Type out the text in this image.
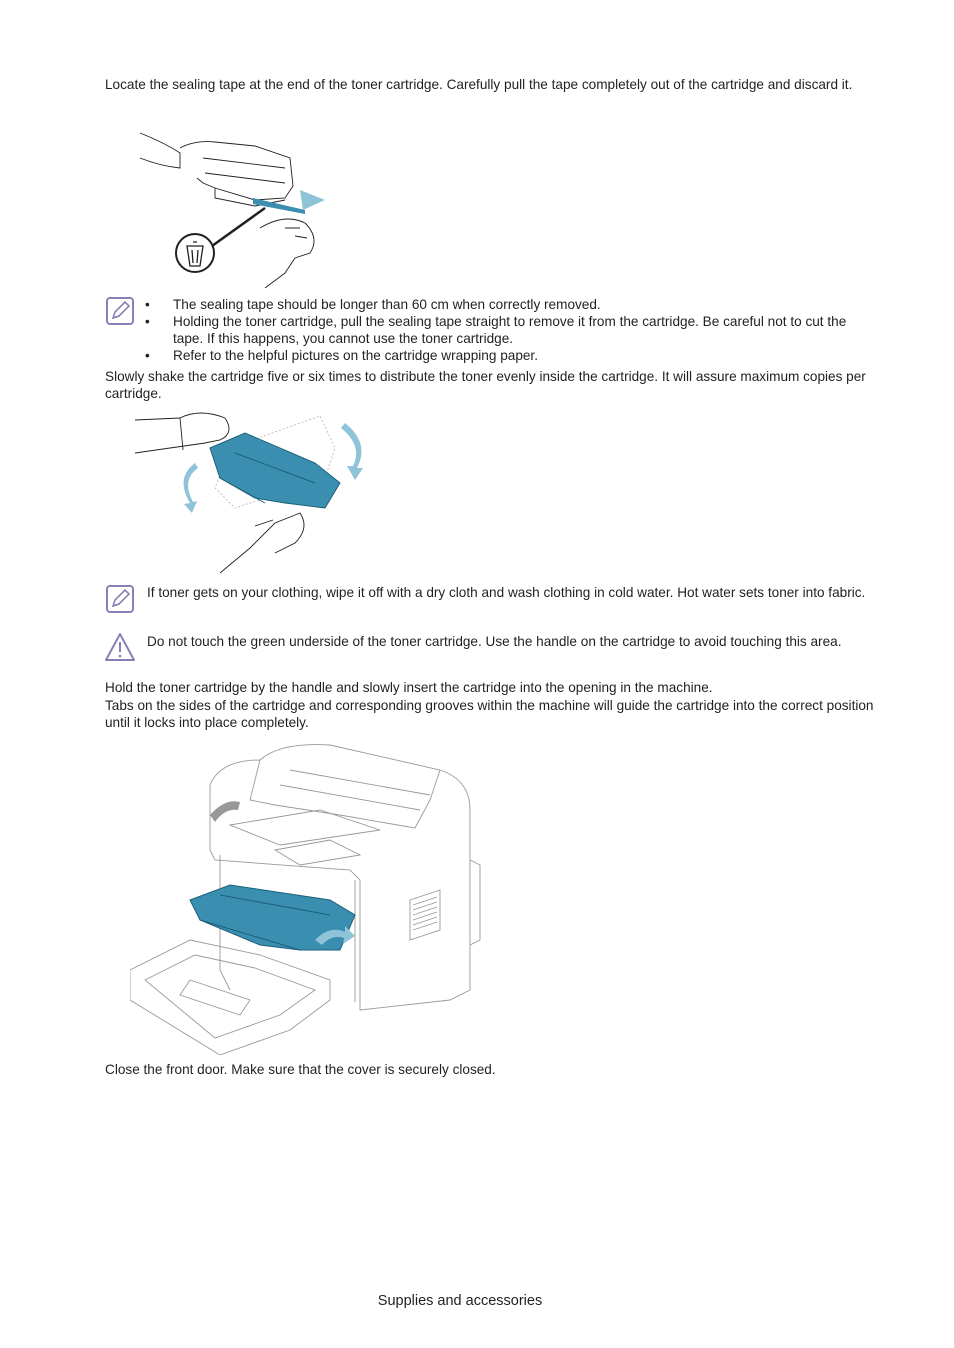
Locate the sealing tape at the end of the toner cartridge. Carefully pull the tape completely out of the cartridge and discard it.

• The sealing tape should be longer than 60 cm when correctly removed.
• Holding the toner cartridge, pull the sealing tape straight to remove it from the cartridge. Be careful not to cut the tape. If this happens, you cannot use the toner cartridge.
• Refer to the helpful pictures on the cartridge wrapping paper.

Slowly shake the cartridge five or six times to distribute the toner evenly inside the cartridge. It will assure maximum copies per cartridge.

If toner gets on your clothing, wipe it off with a dry cloth and wash clothing in cold water. Hot water sets toner into fabric.

Do not touch the green underside of the toner cartridge. Use the handle on the cartridge to avoid touching this area.

Hold the toner cartridge by the handle and slowly insert the cartridge into the opening in the machine.

Tabs on the sides of the cartridge and corresponding grooves within the machine will guide the cartridge into the correct position until it locks into place completely.

Close the front door. Make sure that the cover is securely closed.

Supplies and accessories
